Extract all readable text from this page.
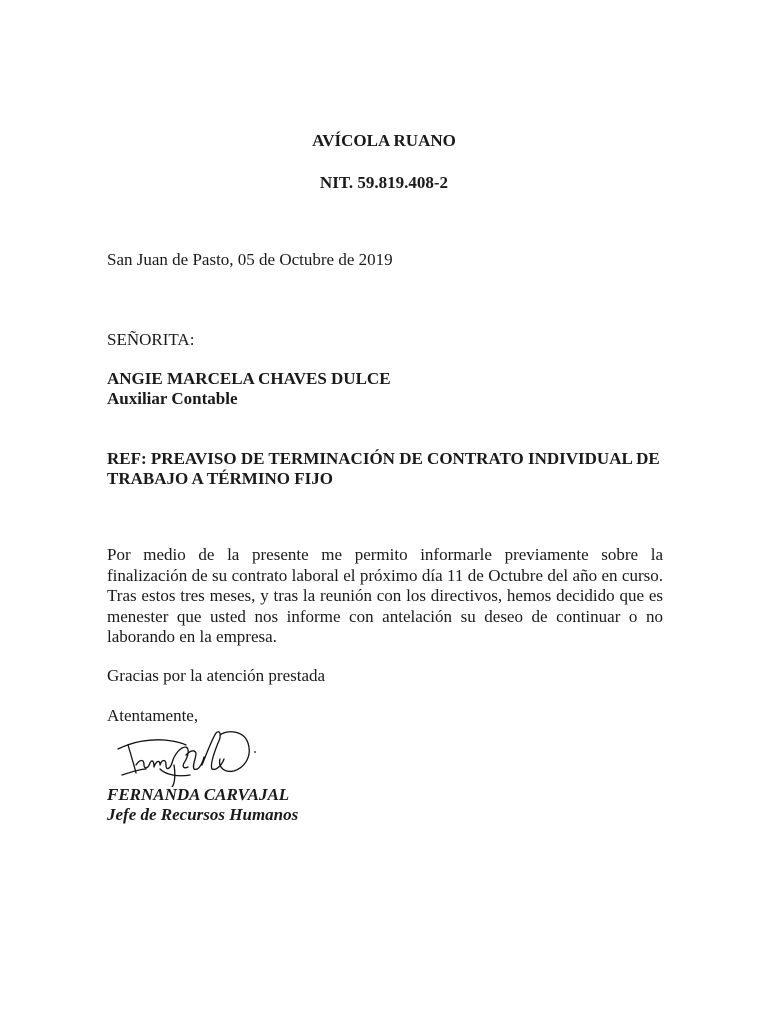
AVÍCOLA RUANO
NIT. 59.819.408-2
San Juan de Pasto, 05 de Octubre de 2019
SEÑORITA:
ANGIE MARCELA CHAVES DULCE
Auxiliar Contable
REF: PREAVISO DE TERMINACIÓN DE CONTRATO INDIVIDUAL DE
TRABAJO A TÉRMINO FIJO
Por medio de la presente me permito informarle previamente sobre la finalización de su contrato laboral el próximo día 11 de Octubre del año en curso. Tras estos tres meses, y tras la reunión con los directivos, hemos decidido que es menester que usted nos informe con antelación su deseo de continuar o no laborando en la empresa.
Gracias por la atención prestada
Atentamente,
FERNANDA CARVAJAL
Jefe de Recursos Humanos
